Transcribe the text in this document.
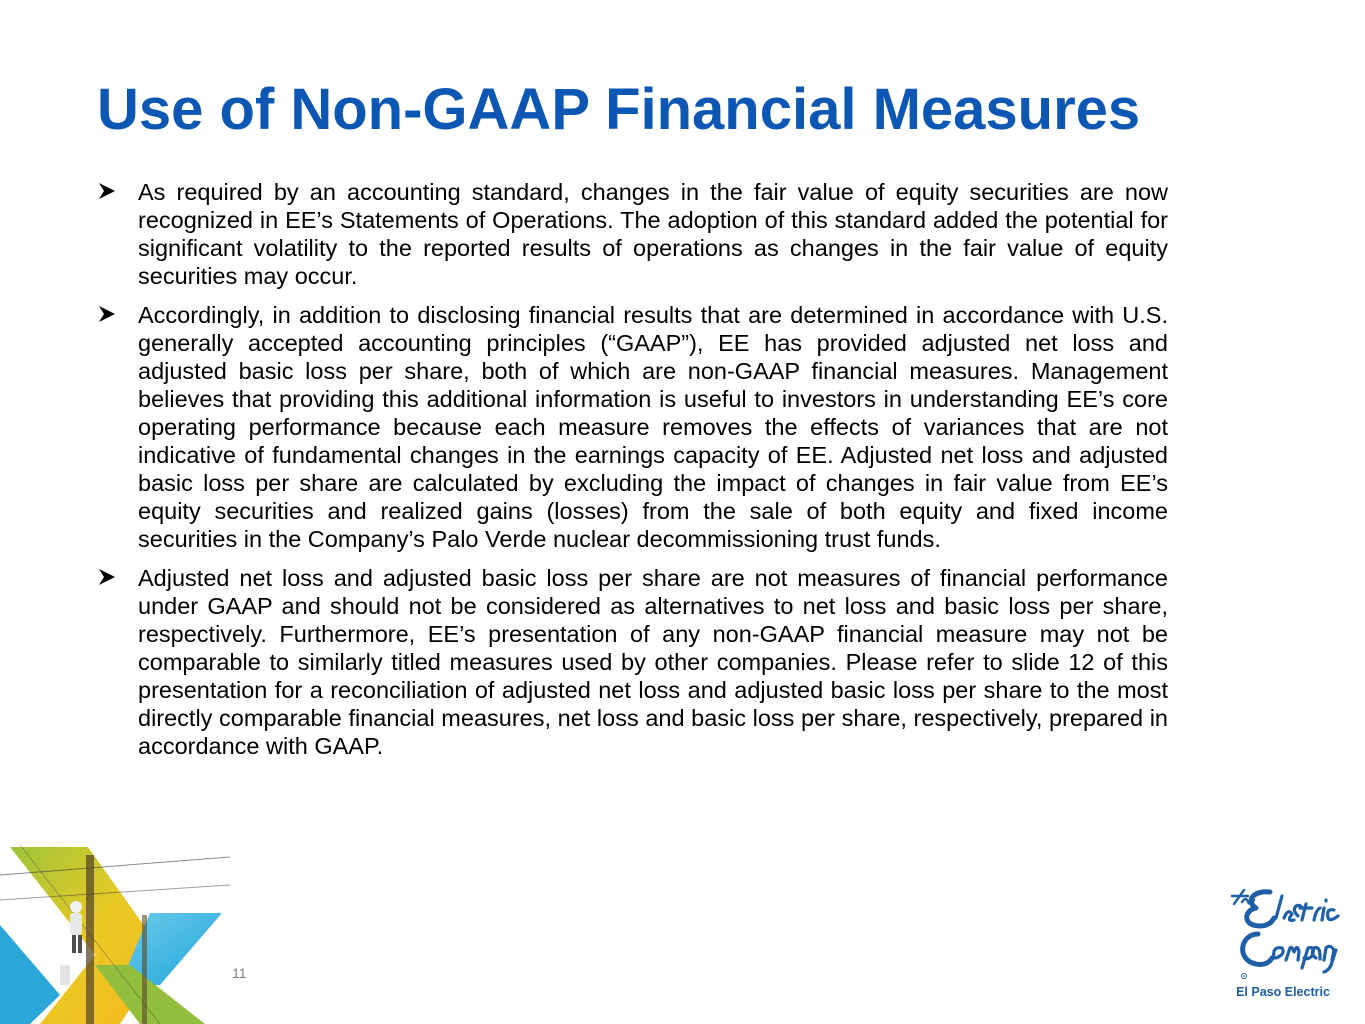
Use of Non-GAAP Financial Measures

As required by an accounting standard, changes in the fair value of equity securities are now recognized in EE’s Statements of Operations. The adoption of this standard added the potential for significant volatility to the reported results of operations as changes in the fair value of equity securities may occur.

Accordingly, in addition to disclosing financial results that are determined in accordance with U.S. generally accepted accounting principles (“GAAP”), EE has provided adjusted net loss and adjusted basic loss per share, both of which are non-GAAP financial measures. Management believes that providing this additional information is useful to investors in understanding EE’s core operating performance because each measure removes the effects of variances that are not indicative of fundamental changes in the earnings capacity of EE. Adjusted net loss and adjusted basic loss per share are calculated by excluding the impact of changes in fair value from EE’s equity securities and realized gains (losses) from the sale of both equity and fixed income securities in the Company’s Palo Verde nuclear decommissioning trust funds.

Adjusted net loss and adjusted basic loss per share are not measures of financial performance under GAAP and should not be considered as alternatives to net loss and basic loss per share, respectively. Furthermore, EE’s presentation of any non-GAAP financial measure may not be comparable to similarly titled measures used by other companies. Please refer to slide 12 of this presentation for a reconciliation of adjusted net loss and adjusted basic loss per share to the most directly comparable financial measures, net loss and basic loss per share, respectively, prepared in accordance with GAAP.

11	R
El Paso Electric
